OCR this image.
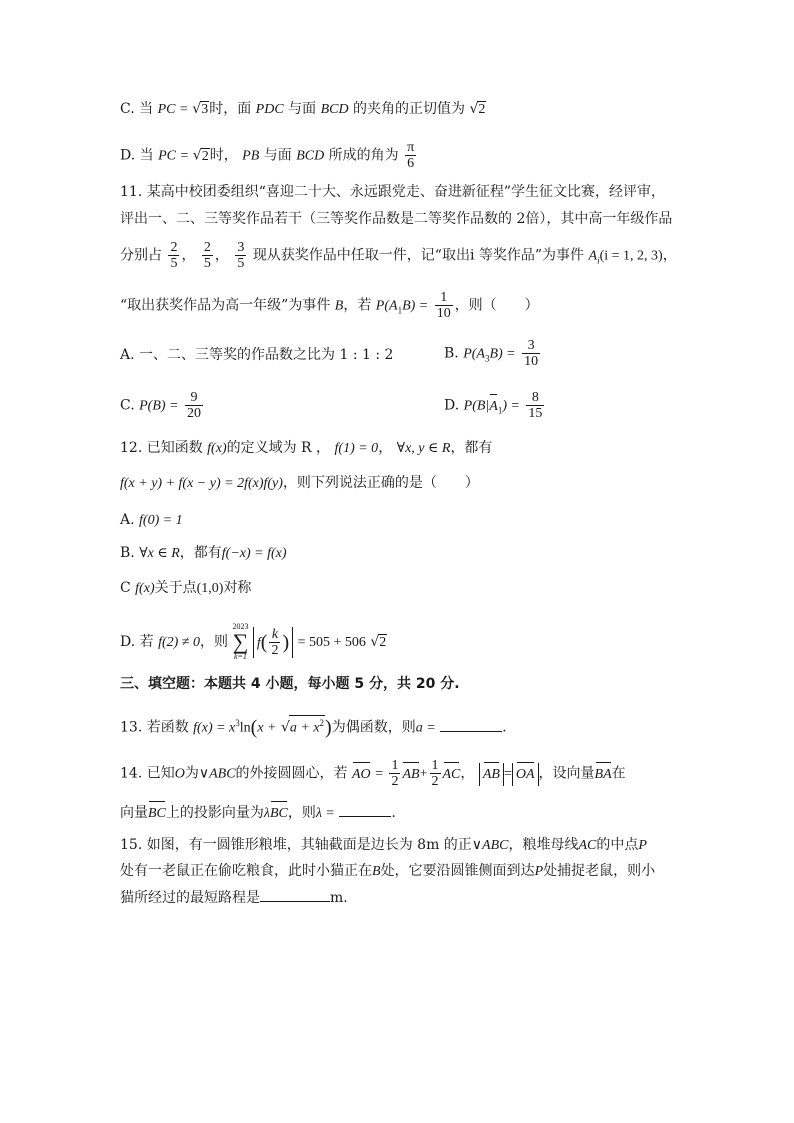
C. 当 PC = √3时，面 PDC 与面 BCD 的夹角的正切值为 √2
D. 当 PC = √2时， PB 与面 BCD 所成的角为 $\frac{\pi}{6}$
11. 某高中校团委组织“喜迎二十大、永远跟党走、奋进新征程”学生征文比赛，经评审，
评出一、二、三等奖作品若干（三等奖作品数是二等奖作品数的 2倍），其中高一年级作品
分别占 $\frac{2}{5}$ ， $\frac{2}{5}$ ， $\frac{3}{5}$ 现从获奖作品中任取一件，记“取出i 等奖作品”为事件 $A_i(i = 1$, 2, 3)，
“取出获奖作品为高一年级”为事件 B，若 $P(A_1B) = \frac{1}{10}$ ，则（　　）
A. 一、二、三等奖的作品数之比为 1 : 1 : 2	B. $P(A_3B) = \frac{3}{10}$
C. $P(B) = \frac{9}{20}$	D. $P(B|A_1) = \frac{8}{15}$
12. 已知函数 f(x)的定义域为 R ， f(1) = 0， ∀x, y ∈ R，都有
f(x + y) + f(x − y) = 2f(x)f(y)，则下列说法正确的是（　　）
A. f(0) = 1
B. ∀x ∈ R，都有f(−x) = f(x)
C f(x)关于点(1,0)对称
D. 若 f(2) ≠ 0，则
2023
∑
k=1
$f( \frac{k}{2}$ ) = 505 + 506 √2
三、填空题：本题共 4 小题，每小题 5 分，共 20 分.
13. 若函数 $f(x) = x^3\ln(x + √a + x^2)$为偶函数，则a =	.
14. 已知O为∨ABC的外接圆圆心，若 AO = $\frac{1}{2} AB+ \frac{1}{2}$ AC， AB = OA ，设向量BA在
向量BC上的投影向量为λBC，则λ =	.
15. 如图，有一圆锥形粮堆，其轴截面是边长为 8m 的正∨ABC，粮堆母线AC的中点P
处有一老鼠正在偷吃粮食，此时小猫正在B处，它要沿圆锥侧面到达P处捕捉老鼠，则小
猫所经过的最短路程是	m.
